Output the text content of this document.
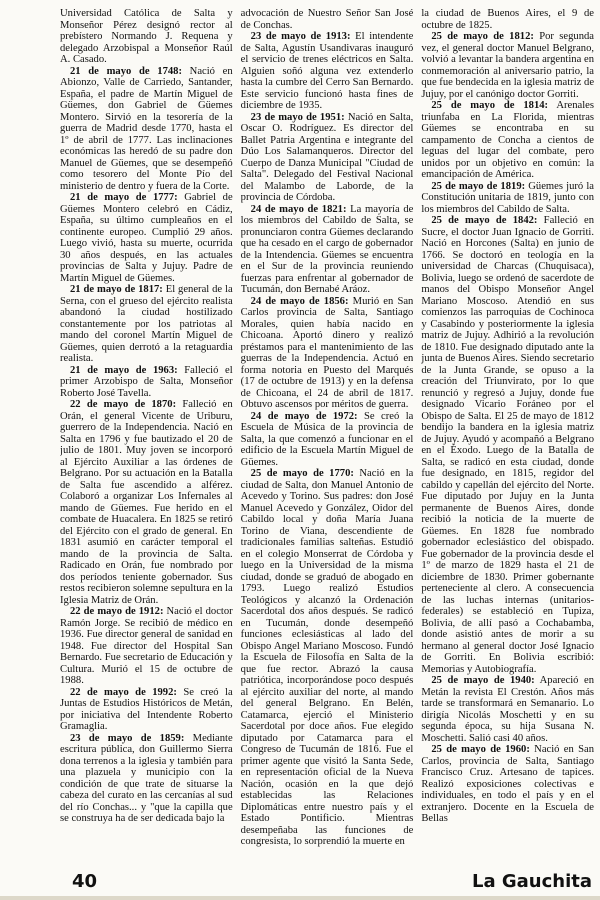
Universidad Católica de Salta y Monseñor Pérez designó rector al prebístero Normando J. Requena y delegado Arzobispal a Monseñor Raúl A. Casado.

21 de mayo de 1748: Nació en Abionzo, Valle de Carriedo, Santander, España, el padre de Martín Miguel de Güemes, don Gabriel de Güemes Montero. Sirvió en la tesorería de la guerra de Madrid desde 1770, hasta el 1º de abril de 1777. Las inclinaciones económicas las heredó de su padre don Manuel de Güemes, que se desempeñó como tesorero del Monte Pío del ministerio de dentro y fuera de la Corte.

21 de mayo de 1777: Gabriel de Güemes Montero celebró en Cádiz, España, su último cumpleaños en el continente europeo. Cumplió 29 años. Luego vivió, hasta su muerte, ocurrida 30 años después, en las actuales provincias de Salta y Jujuy. Padre de Martín Miguel de Güemes.

21 de mayo de 1817: El general de la Serna, con el grueso del ejército realista abandonó la ciudad hostilizado constantemente por los patriotas al mando del coronel Martín Miguel de Güemes, quien derrotó a la retaguardia realista.

21 de mayo de 1963: Falleció el primer Arzobispo de Salta, Monseñor Roberto José Tavella.

22 de mayo de 1870: Falleció en Orán, el general Vicente de Uriburu, guerrero de la Independencia. Nació en Salta en 1796 y fue bautizado el 20 de julio de 1801. Muy joven se incorporó al Ejército Auxiliar a las órdenes de Belgrano. Por su actuación en la Batalla de Salta fue ascendido a alférez. Colaboró a organizar Los Infernales al mando de Güemes. Fue herido en el combate de Huacalera. En 1825 se retiró del Ejército con el grado de general. En 1831 asumió en carácter temporal el mando de la provincia de Salta. Radicado en Orán, fue nombrado por dos períodos teniente gobernador. Sus restos recibieron solemne sepultura en la Iglesia Matriz de Orán.

22 de mayo de 1912: Nació el doctor Ramón Jorge. Se recibió de médico en 1936. Fue director general de sanidad en 1948. Fue director del Hospital San Bernardo. Fue secretario de Educación y Cultura. Murió el 15 de octubre de 1988.

22 de mayo de 1992: Se creó la Juntas de Estudios Históricos de Metán, por iniciativa del Intendente Roberto Gramaglia.

23 de mayo de 1859: Mediante escritura pública, don Guillermo Sierra dona terrenos a la iglesia y también para una plazuela y municipio con la condición de que trate de situarse la cabeza del curato en las cercanías al sud del río Conchas... y "que la capilla que se construya ha de ser dedicada bajo la

advocación de Nuestro Señor San José de Conchas.

23 de mayo de 1913: El intendente de Salta, Agustín Usandivaras inauguró el servicio de trenes eléctricos en Salta. Alguien soñó alguna vez extenderlo hasta la cumbre del Cerro San Bernardo. Este servicio funcionó hasta fines de diciembre de 1935.

23 de mayo de 1951: Nació en Salta, Oscar O. Rodríguez. Es director del Ballet Patria Argentina e integrante del Dúo Los Salamanqueros. Director del Cuerpo de Danza Municipal "Ciudad de Salta". Delegado del Festival Nacional del Malambo de Laborde, de la provincia de Córdoba.

24 de mayo de 1821: La mayoría de los miembros del Cabildo de Salta, se pronunciaron contra Güemes declarando que ha cesado en el cargo de gobernador de la Intendencia. Güemes se encuentra en el Sur de la provincia reuniendo fuerzas para enfrentar al gobernador de Tucumán, don Bernabé Aráoz.

24 de mayo de 1856: Murió en San Carlos provincia de Salta, Santiago Morales, quien había nacido en Chicoana. Aportó dinero y realizó préstamos para el mantenimiento de las guerras de la Independencia. Actuó en forma notoria en Puesto del Marqués (17 de octubre de 1913) y en la defensa de Chicoana, el 24 de abril de 1817. Obtuvo ascensos por méritos de guerra.

24 de mayo de 1972: Se creó la Escuela de Música de la provincia de Salta, la que comenzó a funcionar en el edificio de la Escuela Martín Miguel de Güemes.

25 de mayo de 1770: Nació en la ciudad de Salta, don Manuel Antonio de Acevedo y Torino. Sus padres: don José Manuel Acevedo y González, Oidor del Cabildo local y doña María Juana Torino de Viana, descendiente de tradicionales familias salteñas. Estudió en el colegio Monserrat de Córdoba y luego en la Universidad de la misma ciudad, donde se graduó de abogado en 1793. Luego realizó Estudios Teológicos y alcanzó la Ordenación Sacerdotal dos años después. Se radicó en Tucumán, donde desempeñó funciones eclesiásticas al lado del Obispo Angel Mariano Moscoso. Fundó la Escuela de Filosofía en Salta de la que fue rector. Abrazó la causa patriótica, incorporándose poco después al ejército auxiliar del norte, al mando del general Belgrano. En Belén, Catamarca, ejerció el Ministerio Sacerdotal por doce años. Fue elegido diputado por Catamarca para el Congreso de Tucumán de 1816. Fue el primer agente que visitó la Santa Sede, en representación oficial de la Nueva Nación, ocasión en la que dejó establecidas las Relaciones Diplomáticas entre nuestro país y el Estado Pontificio. Mientras desempeñaba las funciones de congresista, lo sorprendió la muerte en

la ciudad de Buenos Aires, el 9 de octubre de 1825.

25 de mayo de 1812: Por segunda vez, el general doctor Manuel Belgrano, volvió a levantar la bandera argentina en conmemoración al aniversario patrio, la que fue bendecida en la iglesia matriz de Jujuy, por el canónigo doctor Gorriti.

25 de mayo de 1814: Arenales triunfaba en La Florida, mientras Güemes se encontraba en su campamento de Concha a cientos de leguas del lugar del combate, pero unidos por un objetivo en común: la emancipación de América.

25 de mayo de 1819: Güemes juró la Constitución unitaria de 1819, junto con los miembros del Cabildo de Salta.

25 de mayo de 1842: Falleció en Sucre, el doctor Juan Ignacio de Gorriti. Nació en Horcones (Salta) en junio de 1766. Se doctoró en teología en la universidad de Charcas (Chuquisaca), Bolivia, luego se ordenó de sacerdote de manos del Obispo Monseñor Angel Mariano Moscoso. Atendió en sus comienzos las parroquias de Cochinoca y Casabindo y posteriormente la iglesia matriz de Jujuy. Adhirió a la revolución de 1810. Fue designado diputado ante la junta de Buenos Aires. Siendo secretario de la Junta Grande, se opuso a la creación del Triunvirato, por lo que renunció y regresó a Jujuy, donde fue designado Vicario Foráneo por el Obispo de Salta. El 25 de mayo de 1812 bendijo la bandera en la iglesia matriz de Jujuy. Ayudó y acompañó a Belgrano en el Éxodo. Luego de la Batalla de Salta, se radicó en esta ciudad, donde fue designado, en 1815, regidor del cabildo y capellán del ejército del Norte. Fue diputado por Jujuy en la Junta permanente de Buenos Aires, donde recibió la noticia de la muerte de Güemes. En 1828 fue nombrado gobernador eclesiástico del obispado. Fue gobernador de la provincia desde el 1º de marzo de 1829 hasta el 21 de diciembre de 1830. Primer gobernante perteneciente al clero. A consecuencia de las luchas internas (unitarios-federales) se estableció en Tupiza, Bolivia, de allí pasó a Cochabamba, donde asistió antes de morir a su hermano al general doctor José Ignacio de Gorriti. En Bolivia escribió: Memorias y Autobiografía.

25 de mayo de 1940: Apareció en Metán la revista El Crestón. Años más tarde se transformará en Semanario. Lo dirigía Nicolás Moschetti y en su segunda época, su hija Susana N. Moschetti. Salió casi 40 años.

25 de mayo de 1960: Nació en San Carlos, provincia de Salta, Santiago Francisco Cruz. Artesano de tapices. Realizó exposiciones colectivas e individuales, en todo el país y en el extranjero. Docente en la Escuela de Bellas

40	La Gauchita
